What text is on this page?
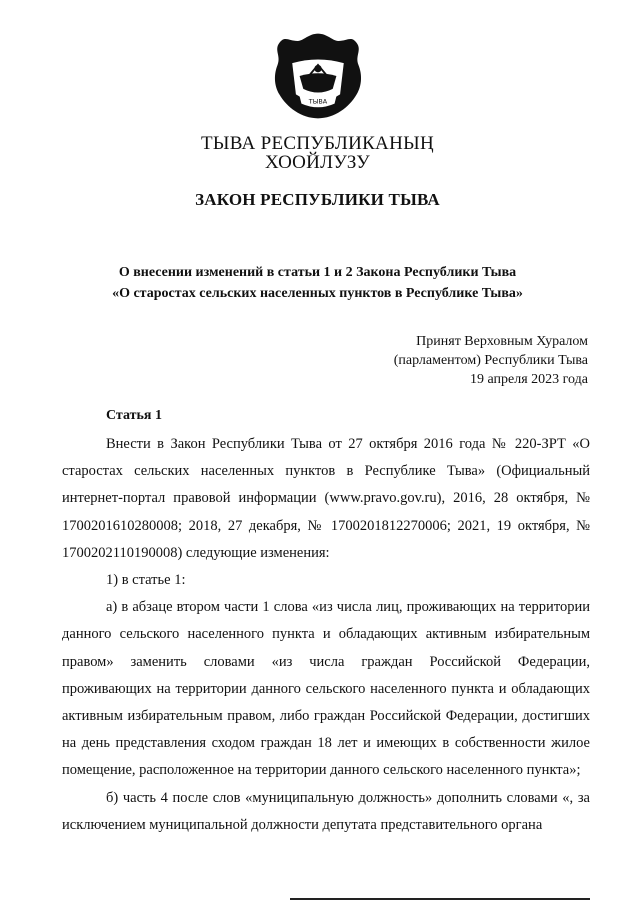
ТЫВА
ТЫВА РЕСПУБЛИКАНЫҢ
ХООЙЛУЗУ
ЗАКОН РЕСПУБЛИКИ ТЫВА
О внесении изменений в статьи 1 и 2 Закона Республики Тыва
«О старостах сельских населенных пунктов в Республике Тыва»
Принят Верховным Хуралом
(парламентом) Республики Тыва
19 апреля 2023 года
Статья 1

Внести в Закон Республики Тыва от 27 октября 2016 года № 220-ЗРТ «О старостах сельских населенных пунктов в Республике Тыва» (Официальный интернет-портал правовой информации (www.pravo.gov.ru), 2016, 28 октября, № 1700201610280008; 2018, 27 декабря, № 1700201812270006; 2021, 19 октября, № 1700202110190008) следующие изменения:

1) в статье 1:

а) в абзаце втором части 1 слова «из числа лиц, проживающих на территории данного сельского населенного пункта и обладающих активным избирательным правом» заменить словами «из числа граждан Российской Федерации, проживающих на территории данного сельского населенного пункта и обладающих активным избирательным правом, либо граждан Российской Федерации, достигших на день представления сходом граждан 18 лет и имеющих в собственности жилое помещение, расположенное на территории данного сельского населенного пункта»;

б) часть 4 после слов «муниципальную должность» дополнить словами «, за исключением муниципальной должности депутата представительного органа
